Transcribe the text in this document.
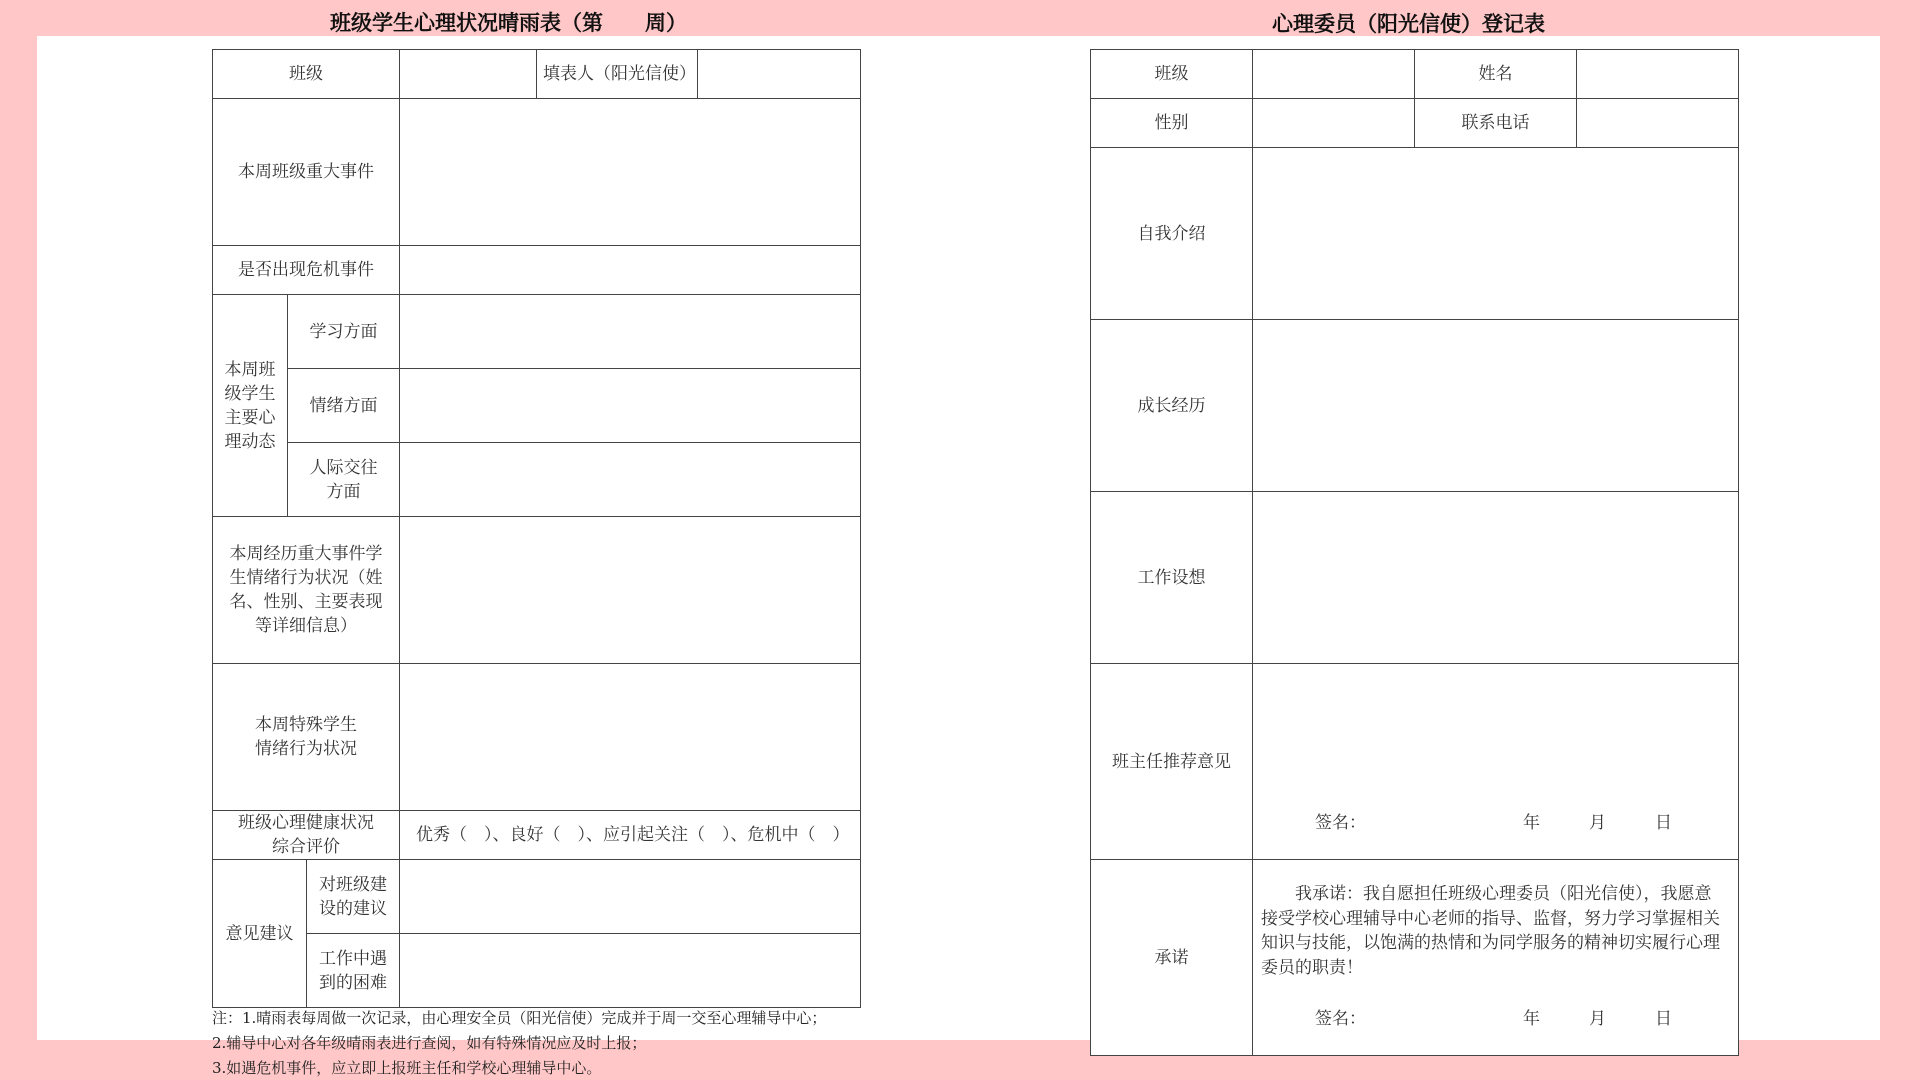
班级学生心理状况晴雨表（第　　周）	心理委员（阳光信使）登记表
班级				填表人（阳光信使）	
本周班级重大事件					
是否出现危机事件					
本周班级学生主要心理动态	学习方面				
	情绪方面				
	人际交往方面				
本周经历重大事件学生情绪行为状况（姓名、性别、主要表现等详细信息）					
本周特殊学生情绪行为状况					
班级心理健康状况综合评价			优秀（　）、良好（　）、应引起关注（　）、危机中（　）		
意见建议		对班级建设的建议			
		工作中遇到的困难			
注：1.晴雨表每周做一次记录，由心理安全员（阳光信使）完成并于周一交至心理辅导中心；
2.辅导中心对各年级晴雨表进行查阅，如有特殊情况应及时上报；
3.如遇危机事件，应立即上报班主任和学校心理辅导中心。
班级		姓名	
性别		联系电话	
自我介绍			
成长经历			
工作设想			
班主任推荐意见	签名： 年 月 日		

承诺	我承诺：我自愿担任班级心理委员（阳光信使），我愿意接受学校心理辅导中心老师的指导、监督，努力学习掌握相关知识与技能，以饱满的热情和为同学服务的精神切实履行心理委员的职责！
签名： 年 月 日		
